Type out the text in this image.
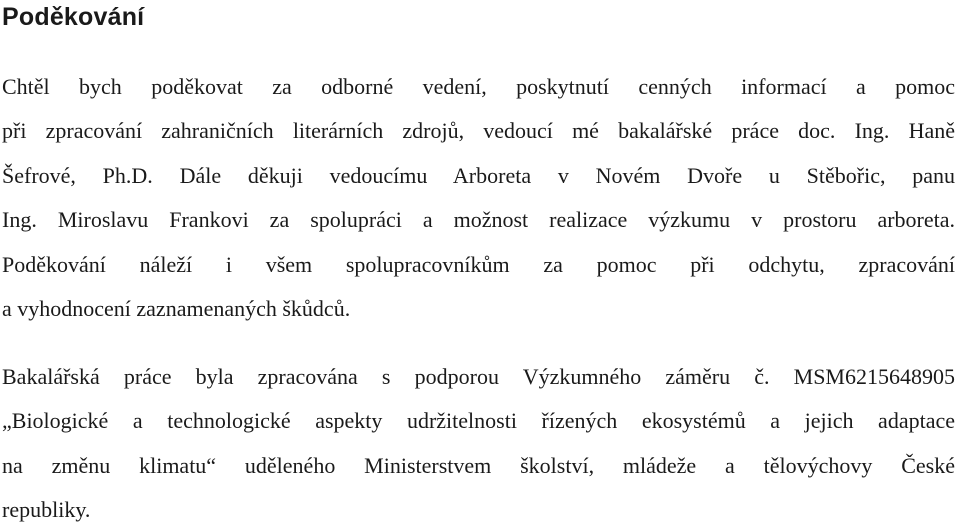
Poděkování

Chtěl bych poděkovat za odborné vedení, poskytnutí cenných informací a pomoc

při zpracování zahraničních literárních zdrojů, vedoucí mé bakalářské práce doc. Ing. Haně

Šefrové, Ph.D. Dále děkuji vedoucímu Arboreta v Novém Dvoře u Stěbořic, panu

Ing. Miroslavu Frankovi za spolupráci a možnost realizace výzkumu v prostoru arboreta.

Poděkování náleží i všem spolupracovníkům za pomoc při odchytu, zpracování

a vyhodnocení zaznamenaných škůdců.

Bakalářská práce byla zpracována s podporou Výzkumného záměru č. MSM6215648905

„Biologické a technologické aspekty udržitelnosti řízených ekosystémů a jejich adaptace

na změnu klimatu“ uděleného Ministerstvem školství, mládeže a tělovýchovy České

republiky.
